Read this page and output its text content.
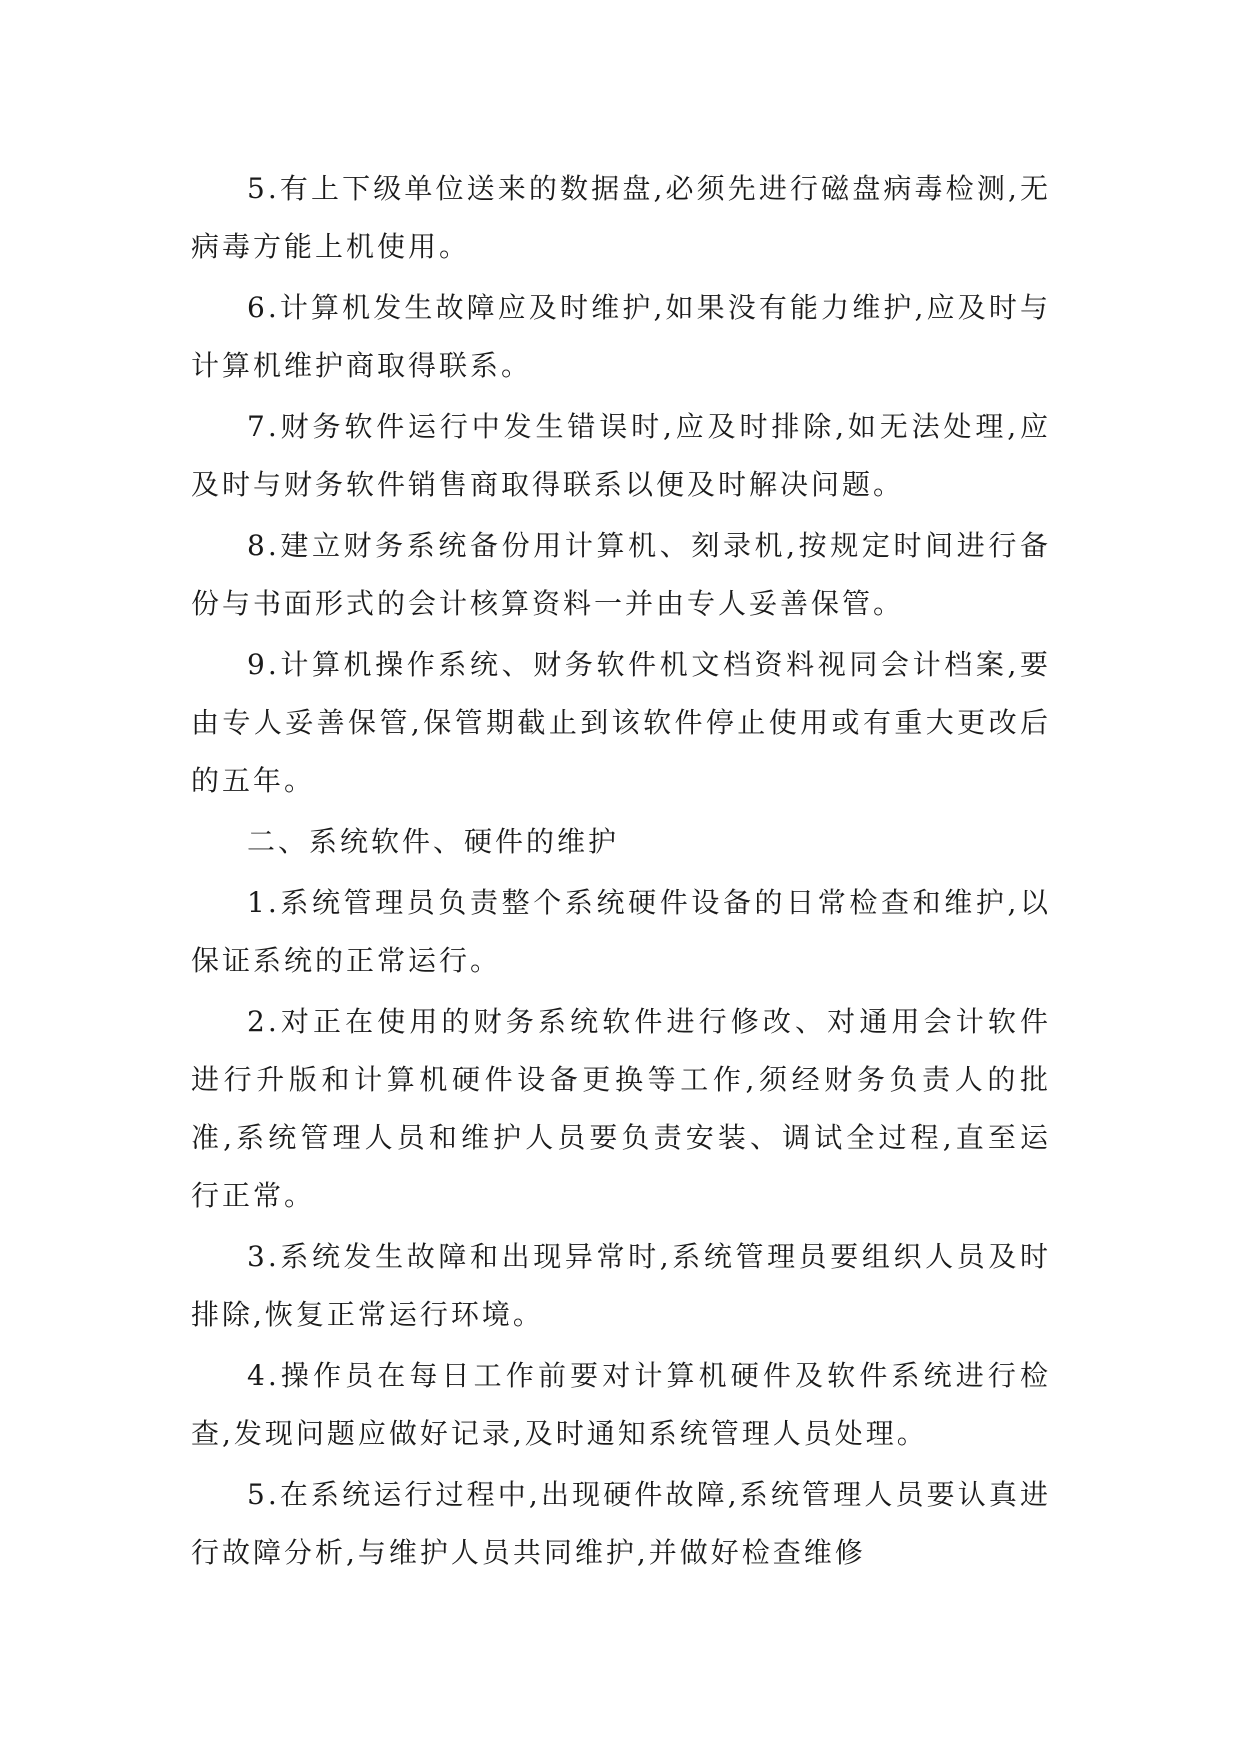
5.有上下级单位送来的数据盘,必须先进行磁盘病毒检测,无病毒方能上机使用。

6.计算机发生故障应及时维护,如果没有能力维护,应及时与计算机维护商取得联系。

7.财务软件运行中发生错误时,应及时排除,如无法处理,应及时与财务软件销售商取得联系以便及时解决问题。

8.建立财务系统备份用计算机、刻录机,按规定时间进行备份与书面形式的会计核算资料一并由专人妥善保管。

9.计算机操作系统、财务软件机文档资料视同会计档案,要由专人妥善保管,保管期截止到该软件停止使用或有重大更改后的五年。

二、系统软件、硬件的维护

1.系统管理员负责整个系统硬件设备的日常检查和维护,以保证系统的正常运行。

2.对正在使用的财务系统软件进行修改、对通用会计软件进行升版和计算机硬件设备更换等工作,须经财务负责人的批准,系统管理人员和维护人员要负责安装、调试全过程,直至运行正常。

3.系统发生故障和出现异常时,系统管理员要组织人员及时排除,恢复正常运行环境。

4.操作员在每日工作前要对计算机硬件及软件系统进行检查,发现问题应做好记录,及时通知系统管理人员处理。

5.在系统运行过程中,出现硬件故障,系统管理人员要认真进行故障分析,与维护人员共同维护,并做好检查维修
